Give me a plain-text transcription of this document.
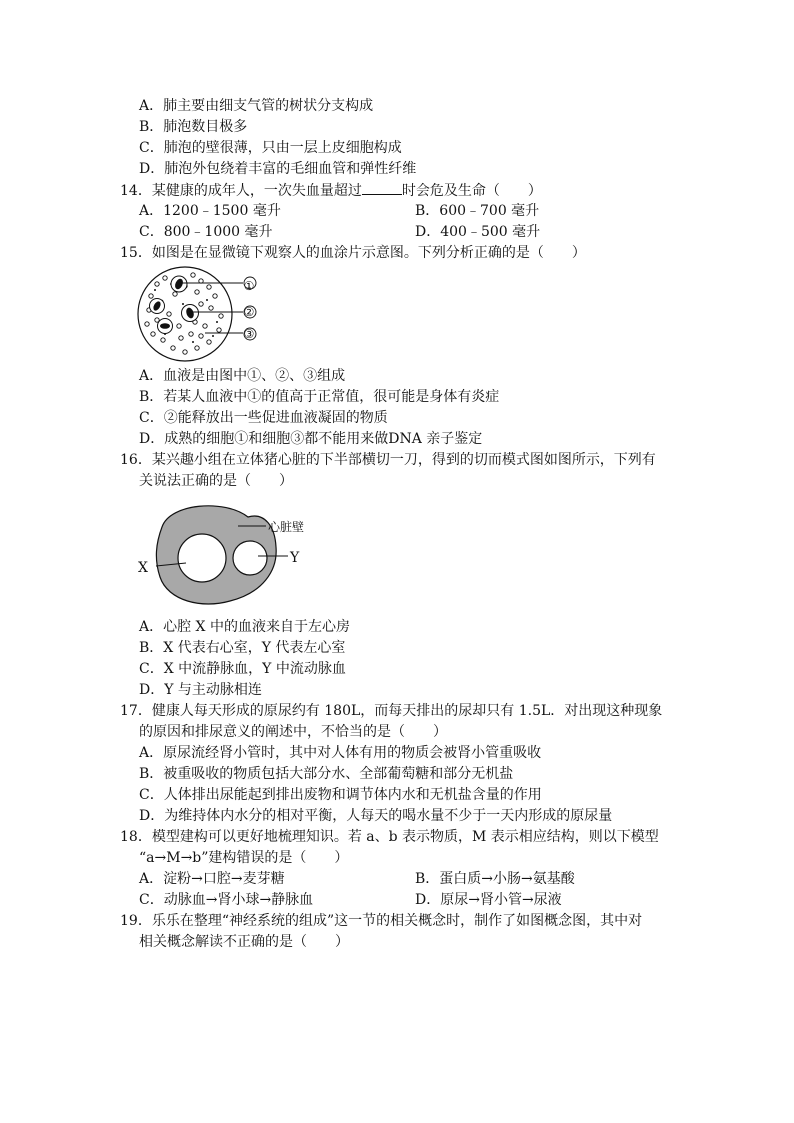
A．肺主要由细支气管的树状分支构成
B．肺泡数目极多
C．肺泡的壁很薄，只由一层上皮细胞构成
D．肺泡外包绕着丰富的毛细血管和弹性纤维
14．某健康的成年人，一次失血量超过	时会危及生命（　　）
A．1200﹣1500 毫升	B．600﹣700 毫升
C．800﹣1000 毫升	D．400﹣500 毫升
15．如图是在显微镜下观察人的血涂片示意图。下列分析正确的是（　　）
①
②
③
A．血液是由图中①、②、③组成
B．若某人血液中①的值高于正常值，很可能是身体有炎症
C．②能释放出一些促进血液凝固的物质
D．成熟的细胞①和细胞③都不能用来做DNA 亲子鉴定
16．某兴趣小组在立体猪心脏的下半部横切一刀，得到的切而模式图如图所示，下列有
关说法正确的是（　　）
心脏壁
X
Y
A．心腔 X 中的血液来自于左心房
B．X 代表右心室，Y 代表左心室
C．X 中流静脉血，Y 中流动脉血
D．Y 与主动脉相连
17．健康人每天形成的原尿约有 180L，而每天排出的尿却只有 1.5L．对出现这种现象
的原因和排尿意义的阐述中，不恰当的是（　　）
A．原尿流经肾小管时，其中对人体有用的物质会被肾小管重吸收
B．被重吸收的物质包括大部分水、全部葡萄糖和部分无机盐
C．人体排出尿能起到排出废物和调节体内水和无机盐含量的作用
D．为维持体内水分的相对平衡，人每天的喝水量不少于一天内形成的原尿量
18．模型建构可以更好地梳理知识。若 a、b 表示物质，M 表示相应结构，则以下模型
“a→M→b”建构错误的是（　　）
A．淀粉→口腔→麦芽糖	B．蛋白质→小肠→氨基酸
C．动脉血→肾小球→静脉血	D．原尿→肾小管→尿液
19．乐乐在整理“神经系统的组成”这一节的相关概念时，制作了如图概念图，其中对
相关概念解读不正确的是（　　）
